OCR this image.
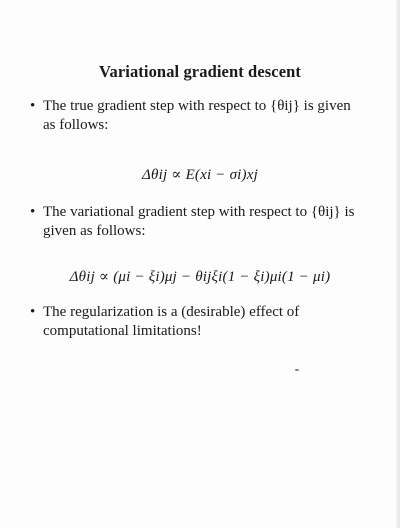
Variational gradient descent
• The true gradient step with respect to {θij} is given
as follows:
Δθij ∝ E(xi − σi)xj
• The variational gradient step with respect to {θij} is
given as follows:
Δθij ∝ (μi − ξi)μj − θijξi(1 − ξi)μi(1 − μi)
• The regularization is a (desirable) effect of
computational limitations!
